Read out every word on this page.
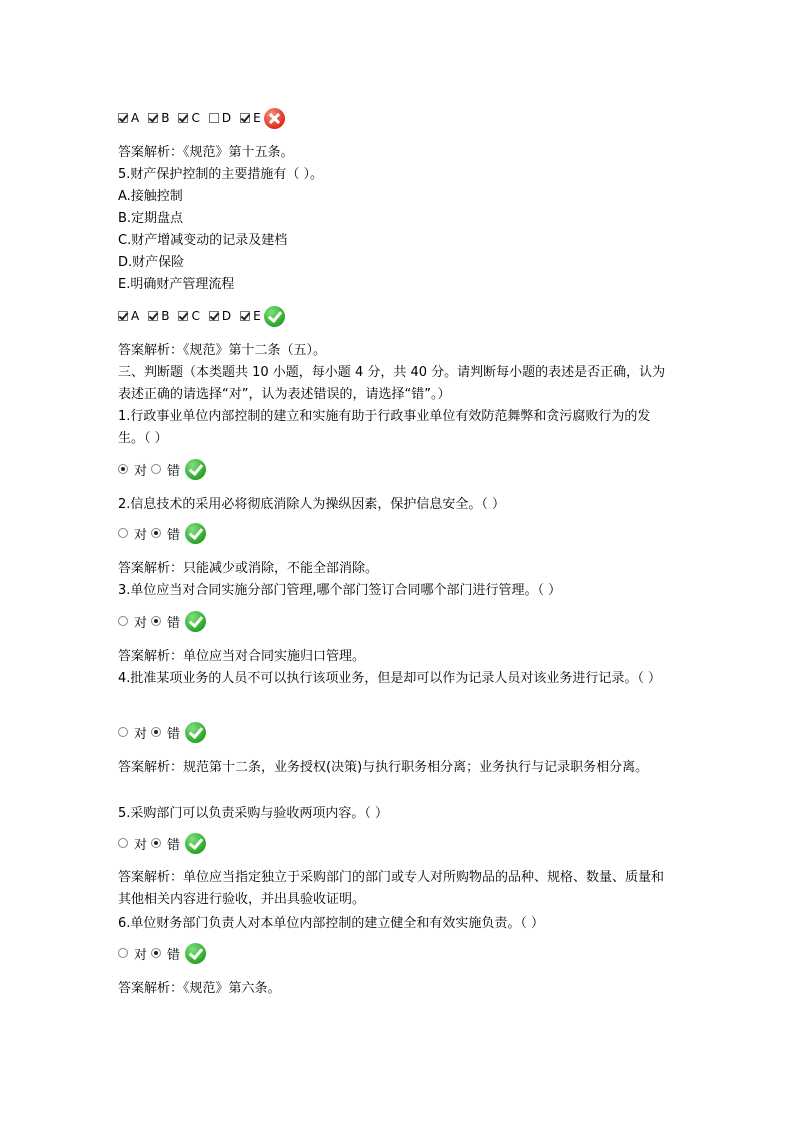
A B C D E
答案解析：《规范》第十五条。
5.财产保护控制的主要措施有（ ）。
A.接触控制
B.定期盘点
C.财产增减变动的记录及建档
D.财产保险
E.明确财产管理流程
A B C D E
答案解析：《规范》第十二条（五）。
三、判断题（本类题共 10 小题，每小题 4 分，共 40 分。请判断每小题的表述是否正确，认为表述正确的请选择“对”，认为表述错误的，请选择“错”。）
1.行政事业单位内部控制的建立和实施有助于行政事业单位有效防范舞弊和贪污腐败行为的发生。（ ）
对 错
2.信息技术的采用必将彻底消除人为操纵因素，保护信息安全。（ ）
对 错
答案解析：只能减少或消除，不能全部消除。
3.单位应当对合同实施分部门管理,哪个部门签订合同哪个部门进行管理。（ ）
对 错
答案解析：单位应当对合同实施归口管理。
4.批准某项业务的人员不可以执行该项业务，但是却可以作为记录人员对该业务进行记录。（ ）
对 错
答案解析：规范第十二条，业务授权(决策)与执行职务相分离；业务执行与记录职务相分离。
5.采购部门可以负责采购与验收两项内容。（ ）
对 错
答案解析：单位应当指定独立于采购部门的部门或专人对所购物品的品种、规格、数量、质量和其他相关内容进行验收，并出具验收证明。
6.单位财务部门负责人对本单位内部控制的建立健全和有效实施负责。（ ）
对 错
答案解析：《规范》第六条。
